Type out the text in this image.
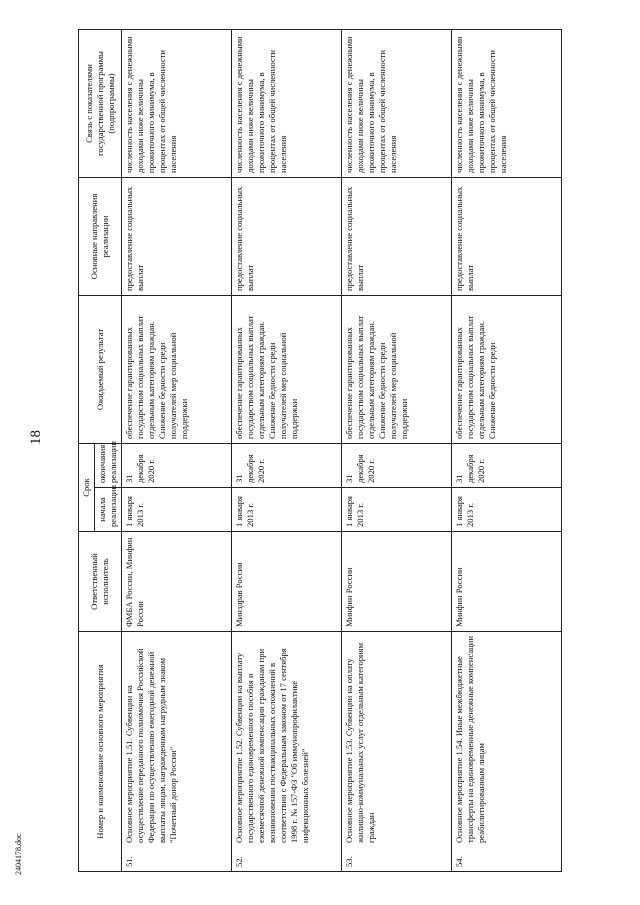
18
2404178.doc
Номер и наименование основного мероприятия	Ответственный исполнитель	Срок		Ожидаемый результат	Основные направления реализации	Связь с показателями государственной программы (подпрограммы)
		начала реализации	окончания реализации			

51.
Основное мероприятие 1.51. Субвенции на осуществление переданного полномочия Российской Федерации по осуществлению ежегодной денежной выплаты лицам, награжденным нагрудным знаком "Почетный донор России"	ФМБА России, Минфин России	1 января 2013 г.	31 декабря 2020 г.	обеспечение гарантированных государством социальных выплат отдельным категориям граждан. Снижение бедности среди получателей мер социальной поддержки	предоставление социальных выплат	численность населения с денежными доходами ниже величины прожиточного минимума, в процентах от общей численности населения

52.
Основное мероприятие 1.52. Субвенции на выплату государственного единовременного пособия и ежемесячной денежной компенсации гражданам при возникновении поствакцинальных осложнений в соответствии с Федеральным законом от 17 сентября 1998 г. № 157-ФЗ "Об иммунопрофилактике инфекционных болезней"	Минздрав России	1 января 2013 г.	31 декабря 2020 г.	обеспечение гарантированных государством социальных выплат отдельным категориям граждан. Снижение бедности среди получателей мер социальной поддержки	предоставление социальных выплат	численность населения с денежными доходами ниже величины прожиточного минимума, в процентах от общей численности населения

53.
Основное мероприятие 1.53. Субвенции на оплату жилищно-коммунальных услуг отдельным категориям граждан	Минфин России	1 января 2013 г.	31 декабря 2020 г.	обеспечение гарантированных государством социальных выплат отдельным категориям граждан. Снижение бедности среди получателей мер социальной поддержки	предоставление социальных выплат	численность населения с денежными доходами ниже величины прожиточного минимума, в процентах от общей численности населения

54.
Основное мероприятие 1.54. Иные межбюджетные трансферты на единовременные денежные компенсации реабилитированным лицам	Минфин России	1 января 2013 г.	31 декабря 2020 г.	обеспечение гарантированных государством социальных выплат отдельным категориям граждан. Снижение бедности среди	предоставление социальных выплат	численность населения с денежными доходами ниже величины прожиточного минимума, в процентах от общей численности населения
